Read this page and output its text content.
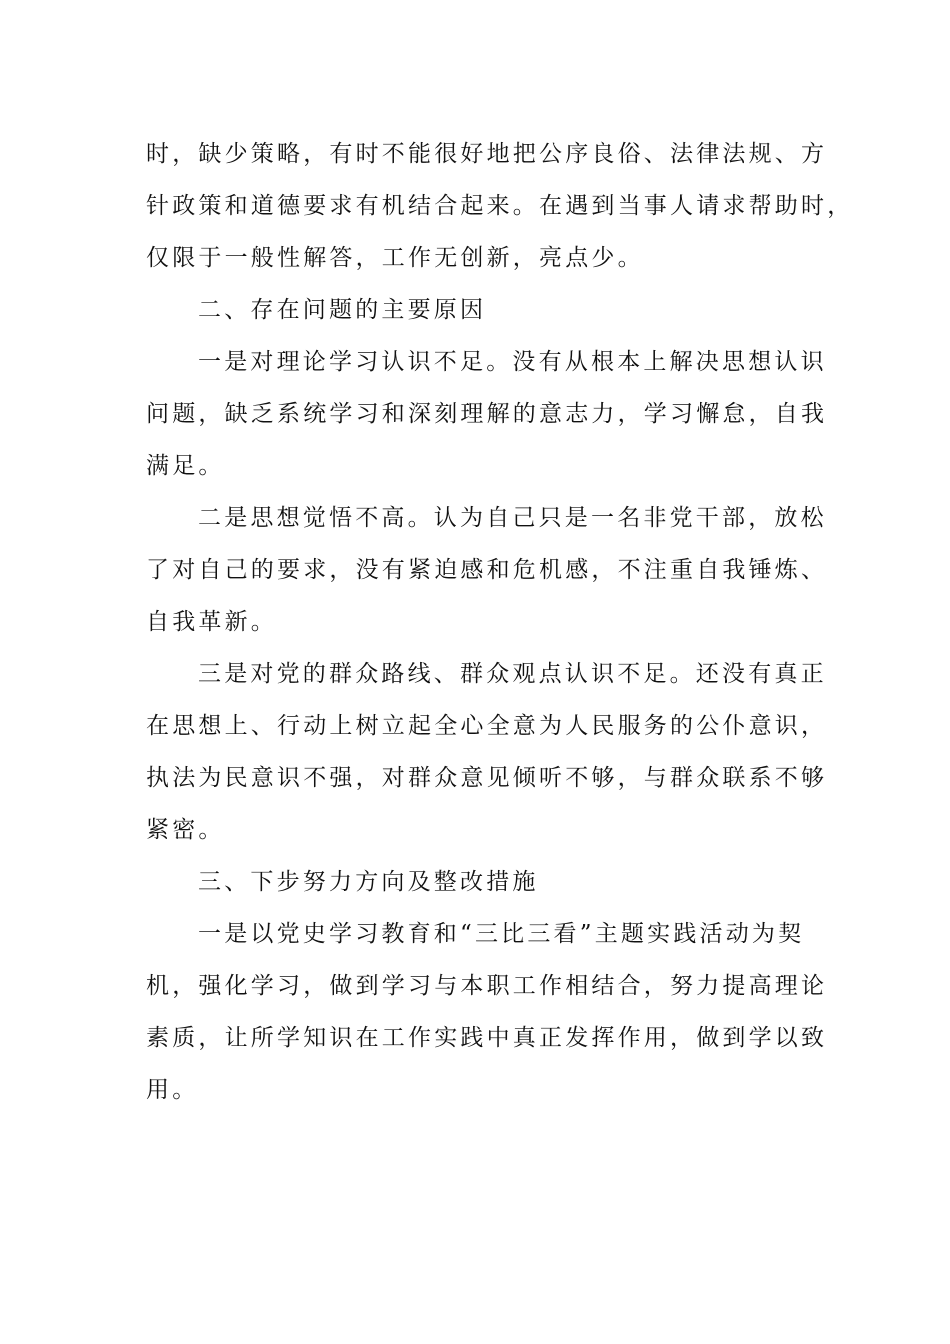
时，缺少策略，有时不能很好地把公序良俗、法律法规、方
针政策和道德要求有机结合起来。在遇到当事人请求帮助时，
仅限于一般性解答，工作无创新，亮点少。
二、存在问题的主要原因
一是对理论学习认识不足。没有从根本上解决思想认识
问题，缺乏系统学习和深刻理解的意志力，学习懈怠，自我
满足。
二是思想觉悟不高。认为自己只是一名非党干部，放松
了对自己的要求，没有紧迫感和危机感，不注重自我锤炼、
自我革新。
三是对党的群众路线、群众观点认识不足。还没有真正
在思想上、行动上树立起全心全意为人民服务的公仆意识，
执法为民意识不强，对群众意见倾听不够，与群众联系不够
紧密。
三、下步努力方向及整改措施
一是以党史学习教育和“三比三看”主题实践活动为契
机，强化学习，做到学习与本职工作相结合，努力提高理论
素质，让所学知识在工作实践中真正发挥作用，做到学以致
用。
